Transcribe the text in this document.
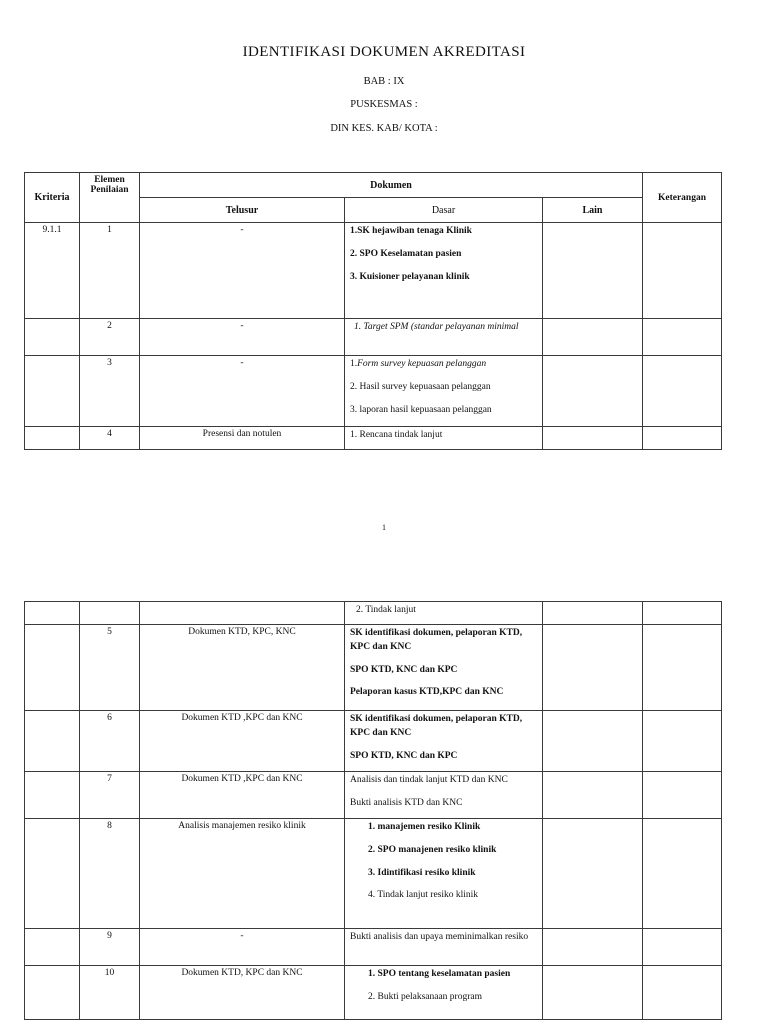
IDENTIFIKASI DOKUMEN AKREDITASI
BAB : IX
PUSKESMAS :
DIN KES. KAB/ KOTA :
Kriteria	Elemen Penilaian	Dokumen			Keterangan
		Telusur	Dasar	Lain	
9.1.1	1	-	1.SK hejawiban tenaga Klinik

2. SPO Keselamatan pasien

3. Kuisioner pelayanan klinik		

	2	-	1. Target SPM (standar pelayanan minimal		

	3	-	1.Form survey kepuasan pelanggan

2. Hasil survey kepuasaan pelanggan

3. laporan hasil kepuasaan pelanggan		

	4	Presensi dan notulen	1. Rencana tindak lanjut		

1

			2. Tindak lanjut		

	5	Dokumen KTD, KPC, KNC	SK identifikasi dokumen, pelaporan KTD, KPC dan KNC

SPO KTD, KNC dan KPC

Pelaporan kasus KTD,KPC dan KNC		

	6	Dokumen KTD ,KPC dan KNC	SK identifikasi dokumen, pelaporan KTD, KPC dan KNC

SPO KTD, KNC dan KPC		

	7	Dokumen KTD ,KPC dan KNC	Analisis dan tindak lanjut KTD dan KNC

Bukti analisis KTD dan KNC		

	8	Analisis manajemen resiko klinik	1. manajemen resiko Klinik

2. SPO manajenen resiko klinik

3. Idintifikasi resiko klinik

4. Tindak lanjut resiko klinik		

	9	-	Bukti analisis dan upaya meminimalkan resiko		

	10	Dokumen KTD, KPC dan KNC	1. SPO tentang keselamatan pasien

2. Bukti pelaksanaan program		
